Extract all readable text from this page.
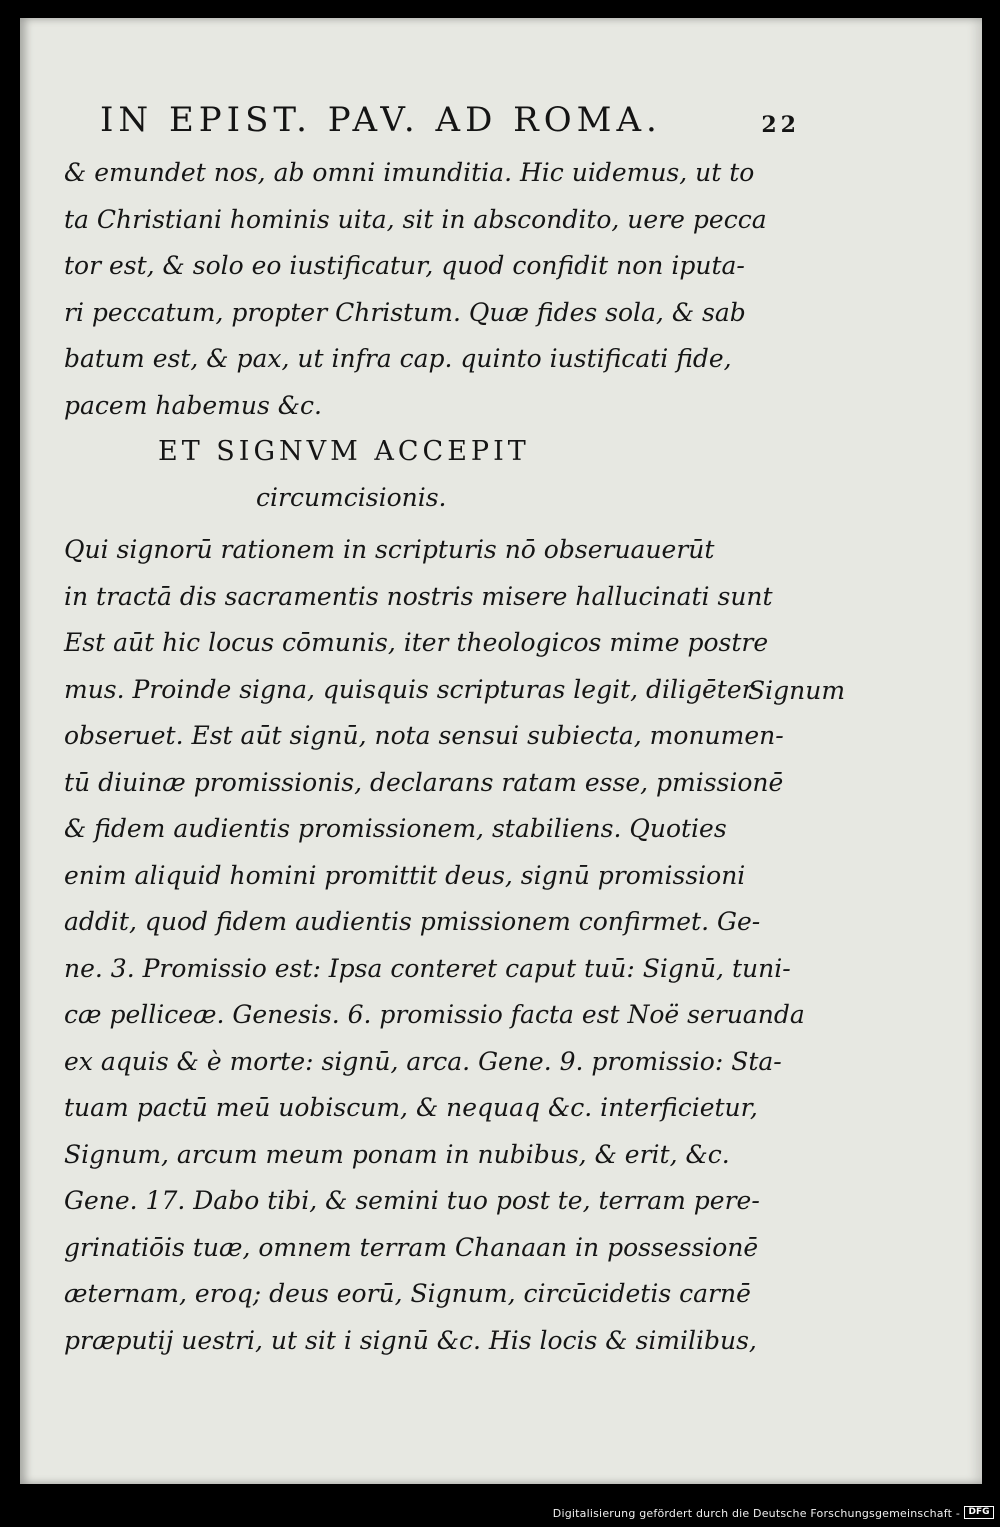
IN EPIST. PAV. AD ROMA.	22
& emundet nos, ab omni imunditia. Hic uidemus, ut to
ta Christiani hominis uita, sit in abscondito, uere pecca
tor est, & solo eo iustificatur, quod confidit non iputa-
ri peccatum, propter Christum. Quæ fides sola, & sab
batum est, & pax, ut infra cap. quinto iustificati fide,
pacem habemus &c.
ET SIGNVM ACCEPIT
circumcisionis.
Qui signorū rationem in scripturis nō obseruauerūt
in tractā dis sacramentis nostris misere hallucinati sunt
Est aūt hic locus cōmunis, iter theologicos mime postre
mus. Proinde signa, quisquis scripturas legit, diligēter
obseruet. Est aūt signū, nota sensui subiecta, monumen-
tū diuinæ promissionis, declarans ratam esse, pmissionē
& fidem audientis promissionem, stabiliens. Quoties
enim aliquid homini promittit deus, signū promissioni
addit, quod fidem audientis pmissionem confirmet. Ge-
ne. 3. Promissio est: Ipsa conteret caput tuū: Signū, tuni-
cæ pelliceæ. Genesis. 6. promissio facta est Noë seruanda
ex aquis & è morte: signū, arca. Gene. 9. promissio: Sta-
tuam pactū meū uobiscum, & nequaq &c. interficietur,
Signum, arcum meum ponam in nubibus, & erit, &c.
Gene. 17. Dabo tibi, & semini tuo post te, terram pere-
grinatiōis tuæ, omnem terram Chanaan in possessionē
æternam, eroq; deus eorū, Signum, circūcidetis carnē
præputij uestri, ut sit i signū &c. His locis & similibus,
Signum
Digitalisierung gefördert durch die Deutsche Forschungsgemeinschaft - DFG
